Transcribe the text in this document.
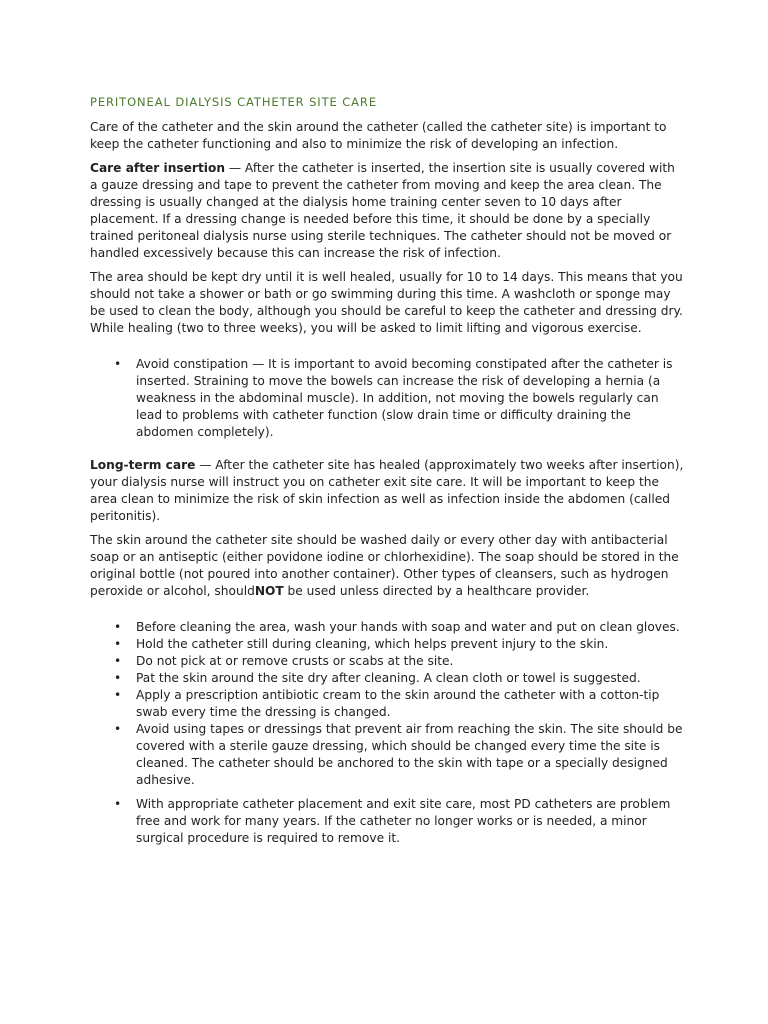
PERITONEAL DIALYSIS CATHETER SITE CARE

Care of the catheter and the skin around the catheter (called the catheter site) is important to keep the catheter functioning and also to minimize the risk of developing an infection.

Care after insertion — After the catheter is inserted, the insertion site is usually covered with a gauze dressing and tape to prevent the catheter from moving and keep the area clean. The dressing is usually changed at the dialysis home training center seven to 10 days after placement. If a dressing change is needed before this time, it should be done by a specially trained peritoneal dialysis nurse using sterile techniques. The catheter should not be moved or handled excessively because this can increase the risk of infection.

The area should be kept dry until it is well healed, usually for 10 to 14 days. This means that you should not take a shower or bath or go swimming during this time. A washcloth or sponge may be used to clean the body, although you should be careful to keep the catheter and dressing dry. While healing (two to three weeks), you will be asked to limit lifting and vigorous exercise.

• Avoid constipation — It is important to avoid becoming constipated after the catheter is inserted. Straining to move the bowels can increase the risk of developing a hernia (a weakness in the abdominal muscle). In addition, not moving the bowels regularly can lead to problems with catheter function (slow drain time or difficulty draining the abdomen completely).

Long-term care — After the catheter site has healed (approximately two weeks after insertion), your dialysis nurse will instruct you on catheter exit site care. It will be important to keep the area clean to minimize the risk of skin infection as well as infection inside the abdomen (called peritonitis).

The skin around the catheter site should be washed daily or every other day with antibacterial soap or an antiseptic (either povidone iodine or chlorhexidine). The soap should be stored in the original bottle (not poured into another container). Other types of cleansers, such as hydrogen peroxide or alcohol, shouldNOT be used unless directed by a healthcare provider.

• Before cleaning the area, wash your hands with soap and water and put on clean gloves.
• Hold the catheter still during cleaning, which helps prevent injury to the skin.
• Do not pick at or remove crusts or scabs at the site.
• Pat the skin around the site dry after cleaning. A clean cloth or towel is suggested.
• Apply a prescription antibiotic cream to the skin around the catheter with a cotton-tip swab every time the dressing is changed.
• Avoid using tapes or dressings that prevent air from reaching the skin. The site should be covered with a sterile gauze dressing, which should be changed every time the site is cleaned. The catheter should be anchored to the skin with tape or a specially designed adhesive.
• With appropriate catheter placement and exit site care, most PD catheters are problem free and work for many years. If the catheter no longer works or is needed, a minor surgical procedure is required to remove it.
